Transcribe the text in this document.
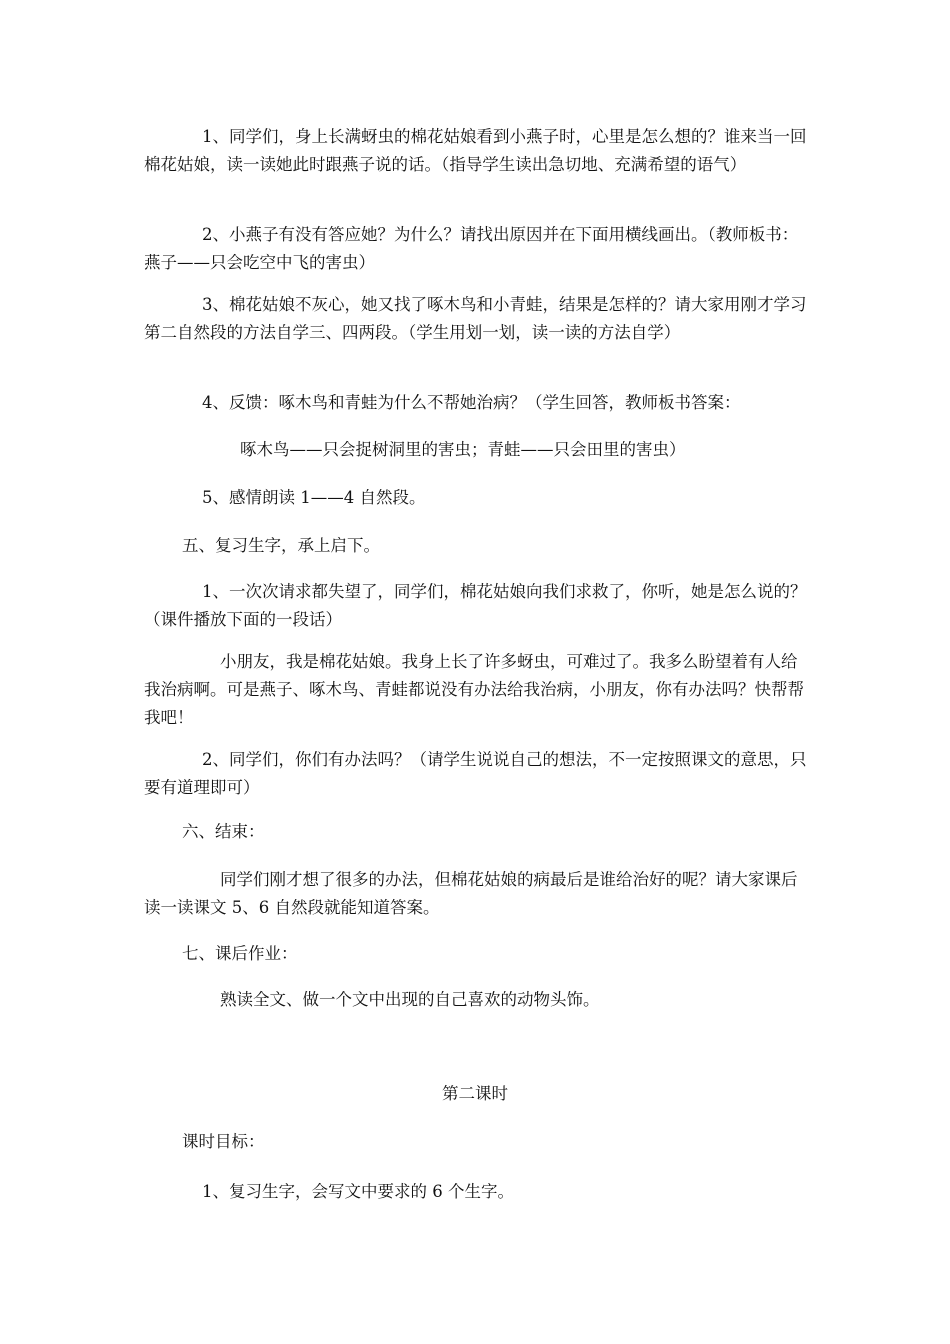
1、同学们，身上长满蚜虫的棉花姑娘看到小燕子时，心里是怎么想的？谁来当一回棉花姑娘，读一读她此时跟燕子说的话。（指导学生读出急切地、充满希望的语气）

2、小燕子有没有答应她？为什么？请找出原因并在下面用横线画出。（教师板书：燕子——只会吃空中飞的害虫）

3、棉花姑娘不灰心，她又找了啄木鸟和小青蛙，结果是怎样的？请大家用刚才学习第二自然段的方法自学三、四两段。（学生用划一划，读一读的方法自学）

4、反馈：啄木鸟和青蛙为什么不帮她治病？（学生回答，教师板书答案：

啄木鸟——只会捉树洞里的害虫；青蛙——只会田里的害虫）

5、感情朗读 1——4 自然段。

五、复习生字，承上启下。

1、一次次请求都失望了，同学们，棉花姑娘向我们求救了，你听，她是怎么说的？（课件播放下面的一段话）

小朋友，我是棉花姑娘。我身上长了许多蚜虫，可难过了。我多么盼望着有人给我治病啊。可是燕子、啄木鸟、青蛙都说没有办法给我治病，小朋友，你有办法吗？快帮帮我吧！

2、同学们，你们有办法吗？（请学生说说自己的想法，不一定按照课文的意思，只要有道理即可）

六、结束：

同学们刚才想了很多的办法，但棉花姑娘的病最后是谁给治好的呢？请大家课后读一读课文 5、6 自然段就能知道答案。

七、课后作业：

熟读全文、做一个文中出现的自己喜欢的动物头饰。

第二课时

课时目标：

1、复习生字，会写文中要求的 6 个生字。
